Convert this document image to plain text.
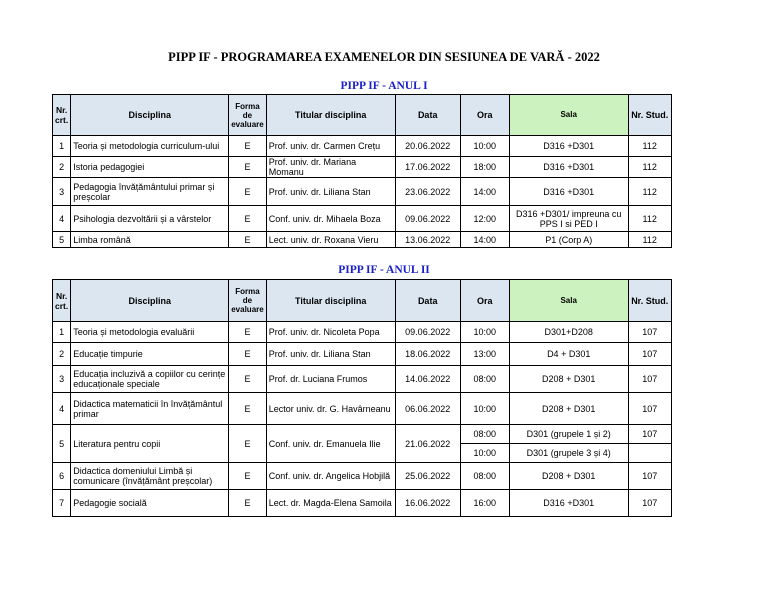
PIPP IF - PROGRAMAREA EXAMENELOR DIN SESIUNEA DE VARĂ - 2022
PIPP IF - ANUL I
Nr. crt.	Disciplina	Forma de evaluare	Titular disciplina	Data	Ora	Sala	Nr. Stud.
1	Teoria și metodologia curriculum-ului	E	Prof. univ. dr. Carmen Crețu	20.06.2022	10:00	D316 +D301	112
2	Istoria pedagogiei	E	Prof. univ. dr. Mariana Momanu	17.06.2022	18:00	D316 +D301	112
3	Pedagogia învățământului primar și preșcolar	E	Prof. univ. dr. Liliana Stan	23.06.2022	14:00	D316 +D301	112
4	Psihologia dezvoltării și a vârstelor	E	Conf. univ. dr. Mihaela Boza	09.06.2022	12:00	D316 +D301/ impreuna cu PPS I si PED I	112
5	Limba română	E	Lect. univ. dr. Roxana Vieru	13.06.2022	14:00	P1 (Corp A)	112
PIPP IF - ANUL II
Nr. crt.	Disciplina	Forma de evaluare	Titular disciplina	Data	Ora	Sala	Nr. Stud.
1	Teoria și metodologia evaluării	E	Prof. univ. dr. Nicoleta Popa	09.06.2022	10:00	D301+D208	107
2	Educație timpurie	E	Prof. univ. dr. Liliana Stan	18.06.2022	13:00	D4 + D301	107
3	Educația incluzivă a copiilor cu cerințe educaționale speciale	E	Prof. dr. Luciana Frumos	14.06.2022	08:00	D208 + D301	107
4	Didactica matematicii în învățământul primar	E	Lector univ. dr. G. Havârneanu	06.06.2022	10:00	D208 + D301	107
5	Literatura pentru copii	E	Conf. univ. dr. Emanuela Ilie	21.06.2022	08:00	D301 (grupele 1 și 2)	107
					10:00	D301 (grupele 3 și 4)	
6	Didactica domeniului Limbă și comunicare (învățământ preșcolar)	E	Conf. univ. dr. Angelica Hobjilă	25.06.2022	08:00	D208 + D301	107
7	Pedagogie socială	E	Lect. dr. Magda-Elena Samoila	16.06.2022	16:00	D316 +D301	107
